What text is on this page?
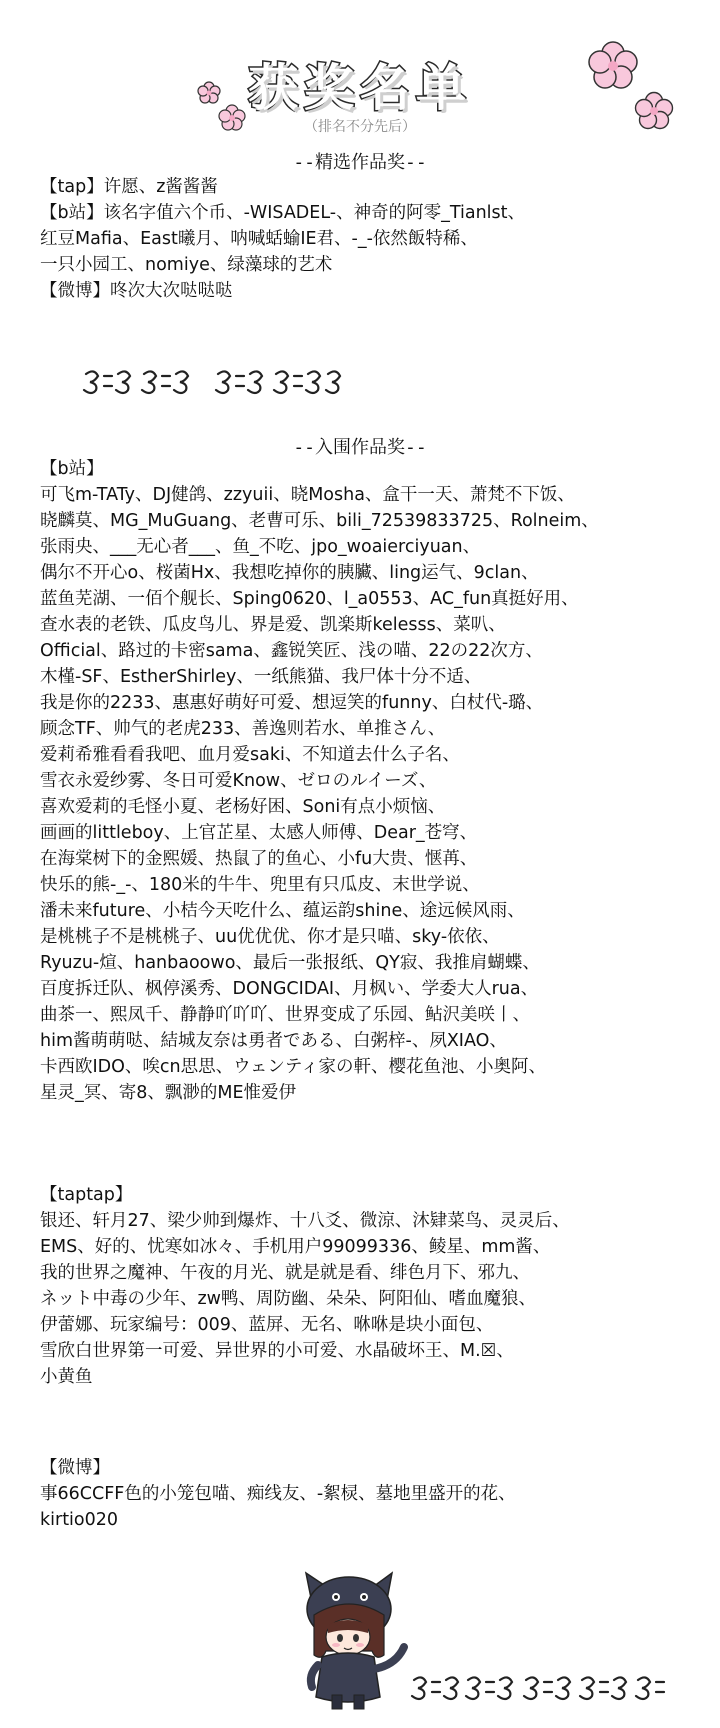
获奖名单
（排名不分先后）
--精选作品奖--
【tap】许愿、z酱酱酱
【b站】该名字值六个币、-WISADEL-、神奇的阿零_Tianlst、
红豆Mafia、East曦月、呐喊蛞蝓IE君、-_-依然飯特稀、
一只小园工、nomiye、绿藻球的艺术
【微博】咚次大次哒哒哒
--入围作品奖--
【b站】
可飞m-TATy、DJ健鸽、zzyuii、晓Mosha、盒干一天、萧梵不下饭、
晓麟莫、MG_MuGuang、老曹可乐、bili_72539833725、Rolneim、
张雨央、___无心者___、鱼_不吃、jpo_woaierciyuan、
偶尔不开心o、桜菌Hx、我想吃掉你的胰臟、ling运气、9clan、
蓝鱼芜湖、一佰个舰长、Sping0620、l_a0553、AC_fun真挺好用、
查水表的老铁、瓜皮鸟儿、界是爱、凯楽斯kelesss、菜叭、
Official、路过的卡密sama、鑫锐笑匠、浅の喵、22の22次方、
木槿-SF、EstherShirley、一纸熊猫、我尸体十分不适、
我是你的2233、惠惠好萌好可爱、想逗笑的funny、白杖代-璐、
顾念TF、帅气的老虎233、善逸则若水、单推さん、
爱莉希雅看看我吧、血月爱saki、不知道去什么子名、
雪衣永爱纱雾、冬日可爱Know、ゼロのルイーズ、
喜欢爱莉的毛怪小夏、老杨好困、Soni有点小烦恼、
画画的littleboy、上官芷星、太感人师傅、Dear_苍穹、
在海棠树下的金熙媛、热鼠了的鱼心、小fu大贵、惬苒、
快乐的熊-_-、180米的牛牛、兜里有只瓜皮、末世学说、
潘未来future、小桔今天吃什么、蕴运韵shine、途远候风雨、
是桃桃子不是桃桃子、uu优优优、你才是只喵、sky-依依、
Ryuzu-煊、hanbaoowo、最后一张报纸、QY寂、我推肩蝴蝶、
百度拆迁队、枫停溪秀、DONGCIDAI、月枫い、学委大人rua、
曲茶一、熙凤千、静静吖吖吖、世界变成了乐园、鲇沢美咲丨、
him酱萌萌哒、結城友奈は勇者である、白粥梓-、夙XIAO、
卡西欧IDO、唉cn思思、ウェンティ家の軒、樱花鱼池、小奥阿、
星灵_冥、寄8、飘渺的ME惟爱伊
【taptap】
银还、轩月27、梁少帅到爆炸、十八爻、微涼、沐肄菜鸟、灵灵后、
EMS、好的、忧寒如冰々、手机用户99099336、鲮星、mm酱、
我的世界之魔神、午夜的月光、就是就是看、绯色月下、邪九、
ネット中毒の少年、zw鸭、周防幽、朵朵、阿阳仙、嗜血魔狼、
伊蕾娜、玩家编号：009、蓝屏、无名、咻咻是块小面包、
雪欣白世界第一可爱、异世界的小可爱、水晶破坏王、M.☒、
小黄鱼
【微博】
事66CCFF色的小笼包喵、痴线友、-絮棂、墓地里盛开的花、
kirtio020
